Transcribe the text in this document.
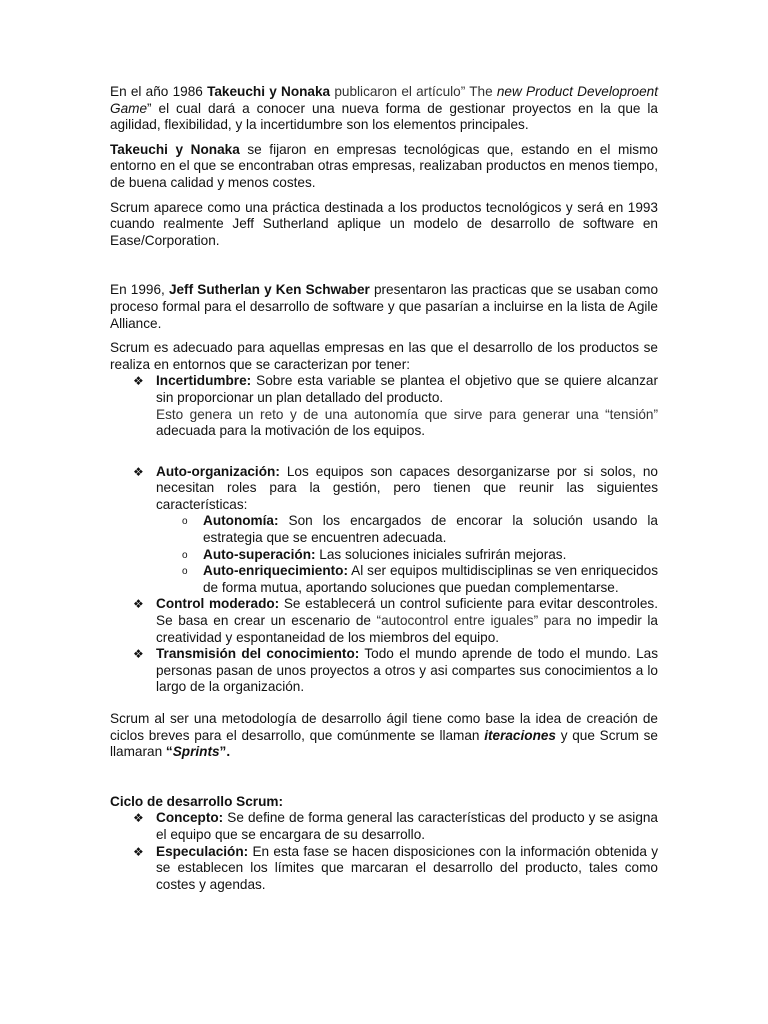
En el año 1986 Takeuchi y Nonaka publicaron el artículo” The new Product Developroent Game” el cual dará a conocer una nueva forma de gestionar proyectos en la que la agilidad, flexibilidad, y la incertidumbre son los elementos principales.

Takeuchi y Nonaka se fijaron en empresas tecnológicas que, estando en el mismo entorno en el que se encontraban otras empresas, realizaban productos en menos tiempo, de buena calidad y menos costes.

Scrum aparece como una práctica destinada a los productos tecnológicos y será en 1993 cuando realmente Jeff Sutherland aplique un modelo de desarrollo de software en Ease/Corporation.

En 1996, Jeff Sutherlan y Ken Schwaber presentaron las practicas que se usaban como proceso formal para el desarrollo de software y que pasarían a incluirse en la lista de Agile Alliance.

Scrum es adecuado para aquellas empresas en las que el desarrollo de los productos se realiza en entornos que se caracterizan por tener:

❖ Incertidumbre: Sobre esta variable se plantea el objetivo que se quiere alcanzar sin proporcionar un plan detallado del producto.
Esto genera un reto y de una autonomía que sirve para generar una “tensión” adecuada para la motivación de los equipos.
❖ Auto-organización: Los equipos son capaces desorganizarse por si solos, no necesitan roles para la gestión, pero tienen que reunir las siguientes características:
o Autonomía: Son los encargados de encorar la solución usando la estrategia que se encuentren adecuada.
o Auto-superación: Las soluciones iniciales sufrirán mejoras.
o Auto-enriquecimiento: Al ser equipos multidisciplinas se ven enriquecidos de forma mutua, aportando soluciones que puedan complementarse.
❖ Control moderado: Se establecerá un control suficiente para evitar descontroles. Se basa en crear un escenario de “autocontrol entre iguales” para no impedir la creatividad y espontaneidad de los miembros del equipo.
❖ Transmisión del conocimiento: Todo el mundo aprende de todo el mundo. Las personas pasan de unos proyectos a otros y asi compartes sus conocimientos a lo largo de la organización.

Scrum al ser una metodología de desarrollo ágil tiene como base la idea de creación de ciclos breves para el desarrollo, que comúnmente se llaman iteraciones y que Scrum se llamaran “Sprints”.

Ciclo de desarrollo Scrum:
❖ Concepto: Se define de forma general las características del producto y se asigna el equipo que se encargara de su desarrollo.
❖ Especulación: En esta fase se hacen disposiciones con la información obtenida y se establecen los límites que marcaran el desarrollo del producto, tales como costes y agendas.
